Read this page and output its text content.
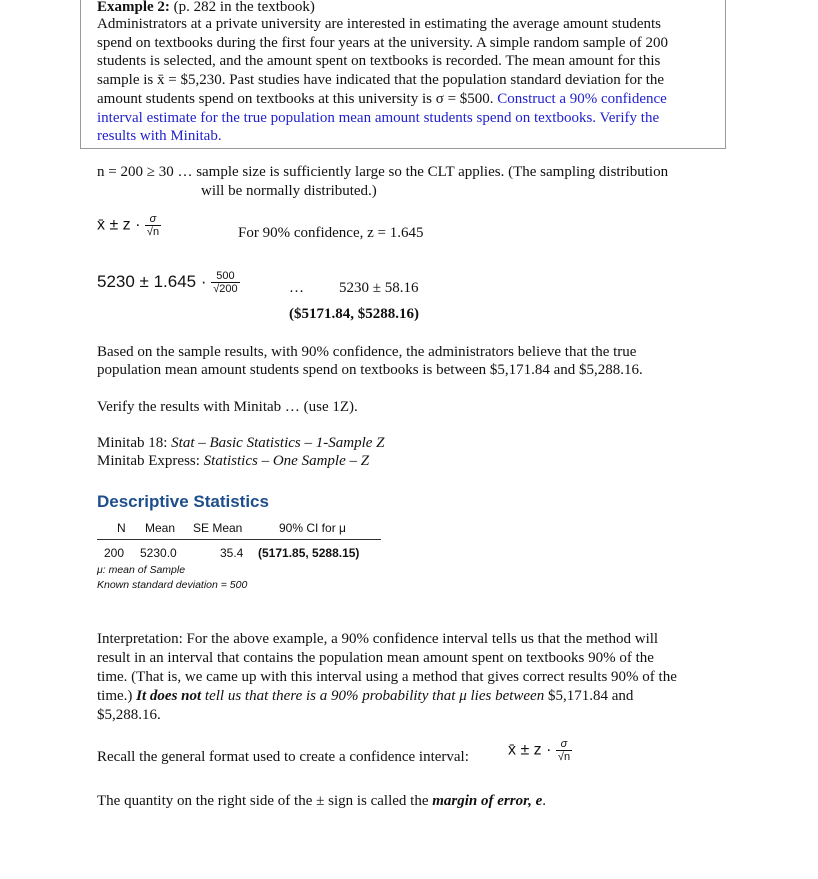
Example 2: (p. 282 in the textbook)
Administrators at a private university are interested in estimating the average amount students
spend on textbooks during the first four years at the university. A simple random sample of 200
students is selected, and the amount spent on textbooks is recorded. The mean amount for this
sample is x̄ = $5,230. Past studies have indicated that the population standard deviation for the
amount students spend on textbooks at this university is σ = $500. Construct a 90% confidence
interval estimate for the true population mean amount students spend on textbooks. Verify the
results with Minitab.
n = 200 ≥ 30 … sample size is sufficiently large so the CLT applies. (The sampling distribution
will be normally distributed.)
x̄ ± $z \cdot \frac{\sigma}{√n}$	For 90% confidence, z = 1.645
$5230 \pm 1.645 \cdot \frac{500}{√200}$	… 5230 ± 58.16
($5171.84, $5288.16)
Based on the sample results, with 90% confidence, the administrators believe that the true
population mean amount students spend on textbooks is between $5,171.84 and $5,288.16.
Verify the results with Minitab … (use 1Z).
Minitab 18: Stat – Basic Statistics – 1-Sample Z
Minitab Express: Statistics – One Sample – Z
Descriptive Statistics
N Mean SE Mean	90% CI for μ
200 5230.0	35.4 (5171.85, 5288.15)
μ: mean of Sample
Known standard deviation = 500
Interpretation: For the above example, a 90% confidence interval tells us that the method will
result in an interval that contains the population mean amount spent on textbooks 90% of the
time. (That is, we came up with this interval using a method that gives correct results 90% of the
time.) It does not tell us that there is a 90% probability that μ lies between $5,171.84 and
$5,288.16.
Recall the general format used to create a confidence interval: x̄ ± $z \cdot \frac{\sigma}{√n}$
The quantity on the right side of the ± sign is called the margin of error, e.
